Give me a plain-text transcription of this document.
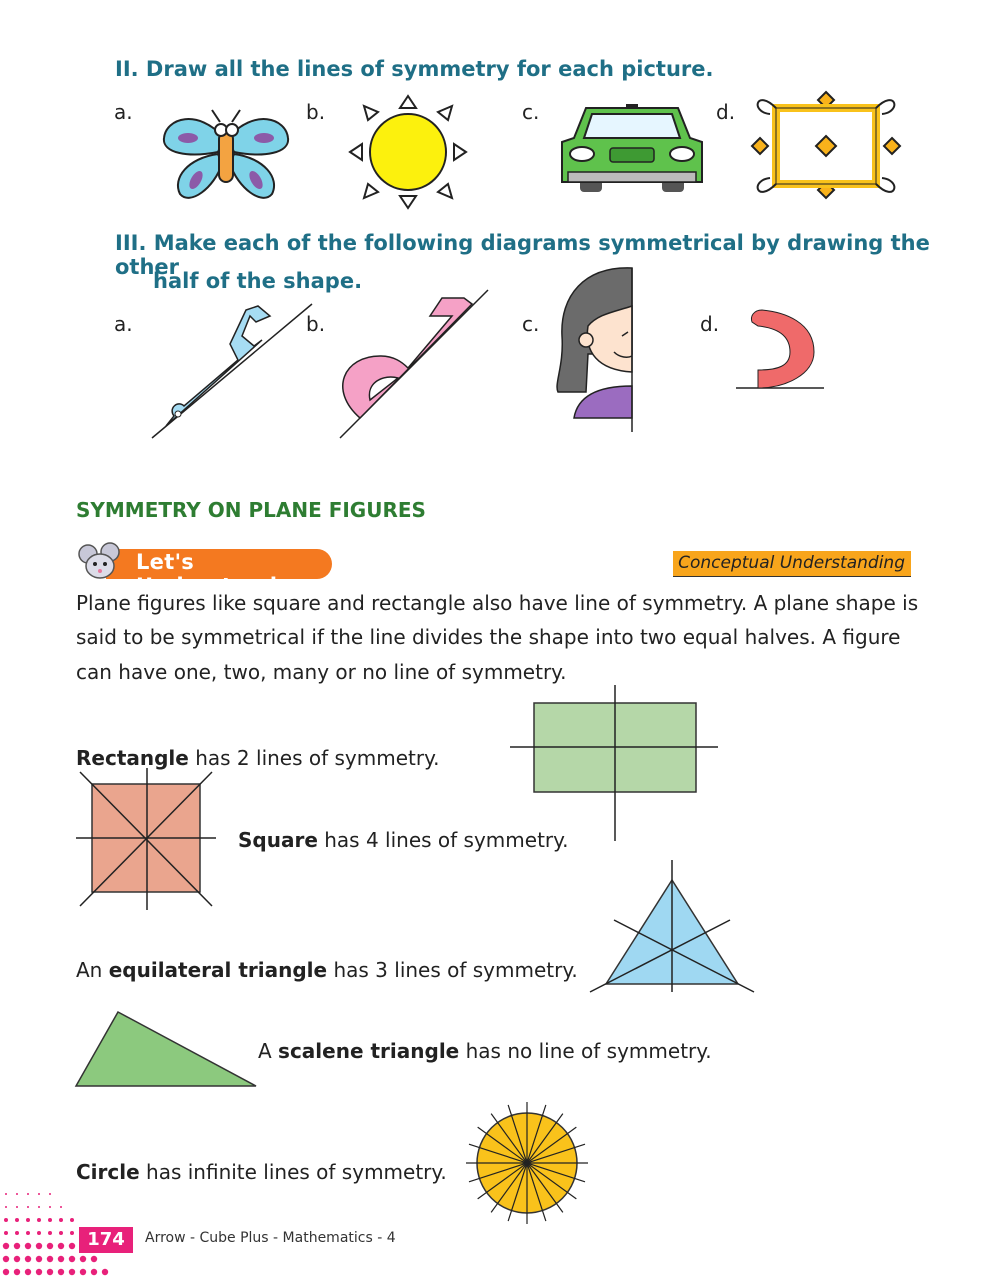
II. Draw all the lines of symmetry for each picture.
a.	b.	c.	d.
III. Make each of the following diagrams symmetrical by drawing the other
half of the shape.
a.	b.	c.	d.
SYMMETRY ON PLANE FIGURES
Let's Understand
Conceptual Understanding
Plane figures like square and rectangle also have line of symmetry. A plane shape is
said to be symmetrical if the line divides the shape into two equal halves. A figure
can have one, two, many or no line of symmetry.
Rectangle has 2 lines of symmetry.
Square has 4 lines of symmetry.
An equilateral triangle has 3 lines of symmetry.
A scalene triangle has no line of symmetry.
Circle has infinite lines of symmetry.
174	Arrow - Cube Plus - Mathematics - 4
